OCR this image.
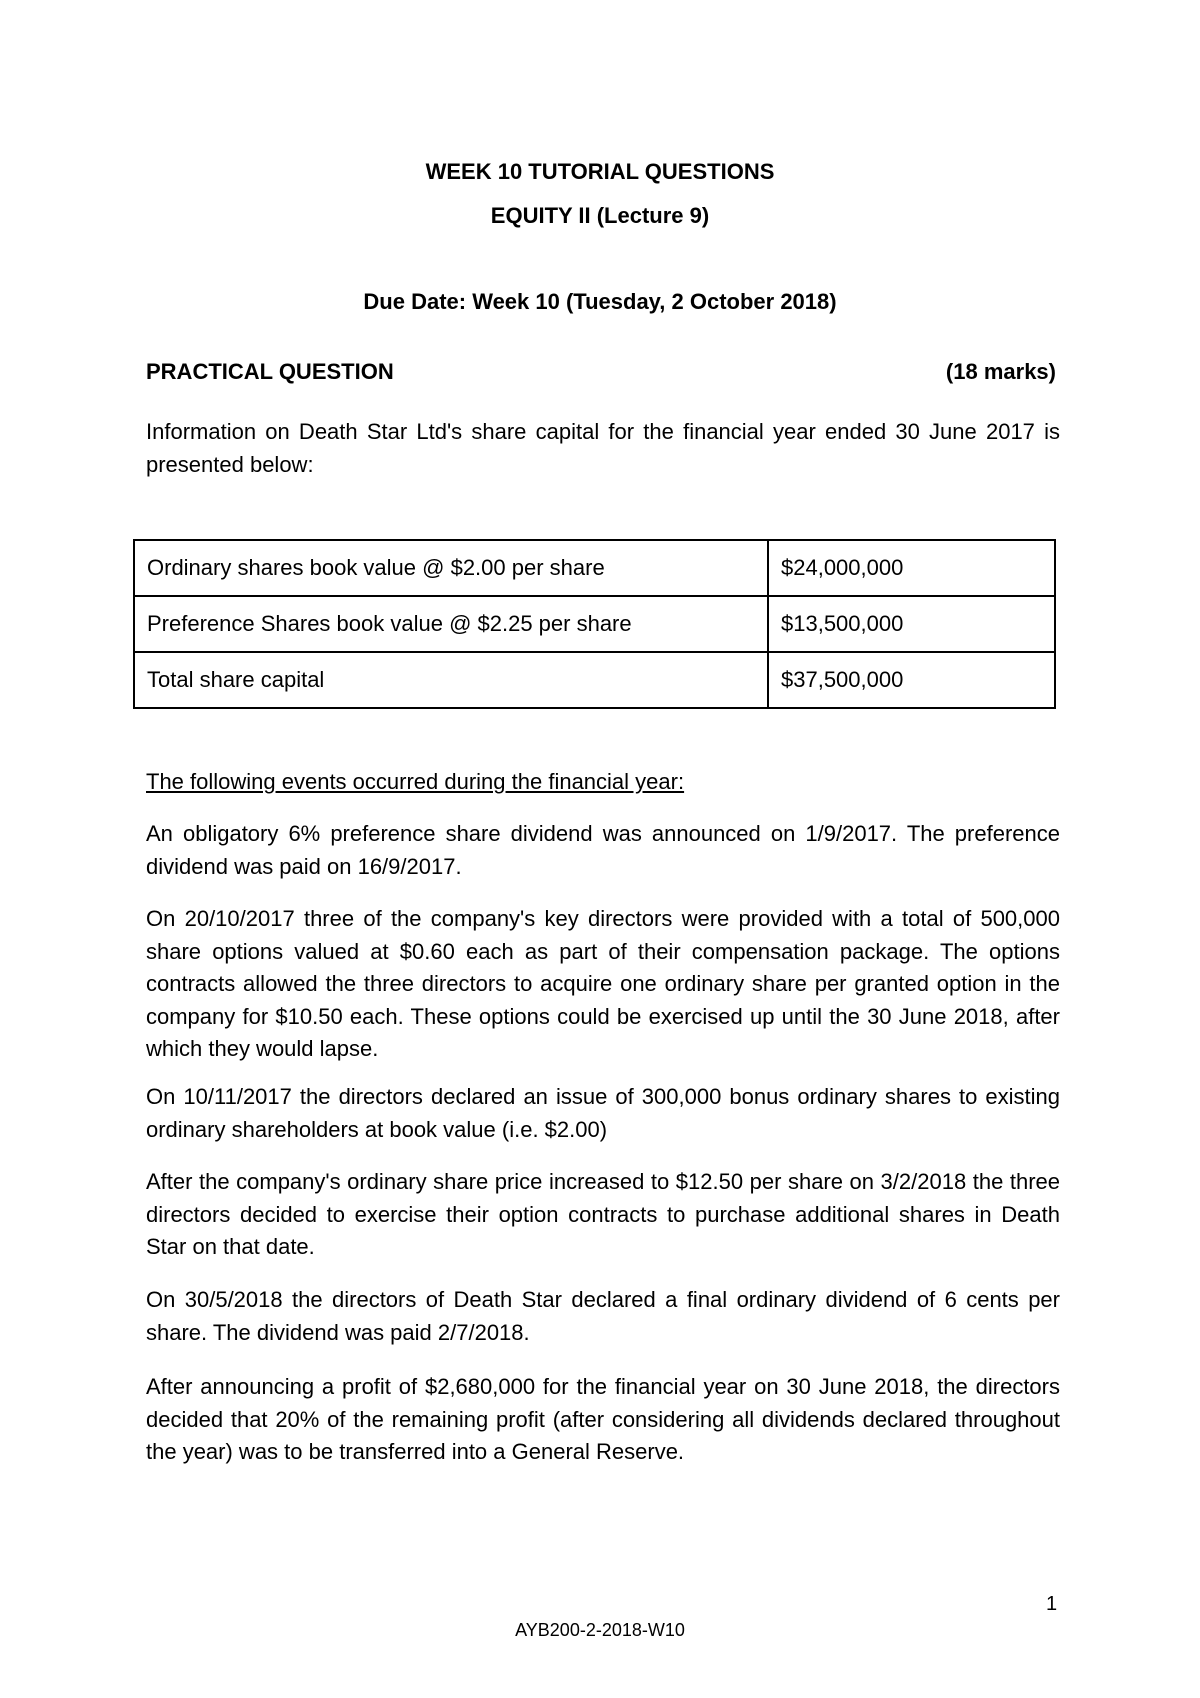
WEEK 10 TUTORIAL QUESTIONS
EQUITY II (Lecture 9)
Due Date: Week 10 (Tuesday, 2 October 2018)
PRACTICAL QUESTION	(18 marks)
Information on Death Star Ltd's share capital for the financial year ended 30 June 2017 is presented below:
Ordinary shares book value @ $2.00 per share	$24,000,000
Preference Shares book value @ $2.25 per share	$13,500,000
Total share capital	$37,500,000
The following events occurred during the financial year:
An obligatory 6% preference share dividend was announced on 1/9/2017. The preference dividend was paid on 16/9/2017.
On 20/10/2017 three of the company's key directors were provided with a total of 500,000 share options valued at $0.60 each as part of their compensation package. The options contracts allowed the three directors to acquire one ordinary share per granted option in the company for $10.50 each. These options could be exercised up until the 30 June 2018, after which they would lapse.
On 10/11/2017 the directors declared an issue of 300,000 bonus ordinary shares to existing ordinary shareholders at book value (i.e. $2.00)
After the company's ordinary share price increased to $12.50 per share on 3/2/2018 the three directors decided to exercise their option contracts to purchase additional shares in Death Star on that date.
On 30/5/2018 the directors of Death Star declared a final ordinary dividend of 6 cents per share. The dividend was paid 2/7/2018.
After announcing a profit of $2,680,000 for the financial year on 30 June 2018, the directors decided that 20% of the remaining profit (after considering all dividends declared throughout the year) was to be transferred into a General Reserve.
1
AYB200-2-2018-W10
